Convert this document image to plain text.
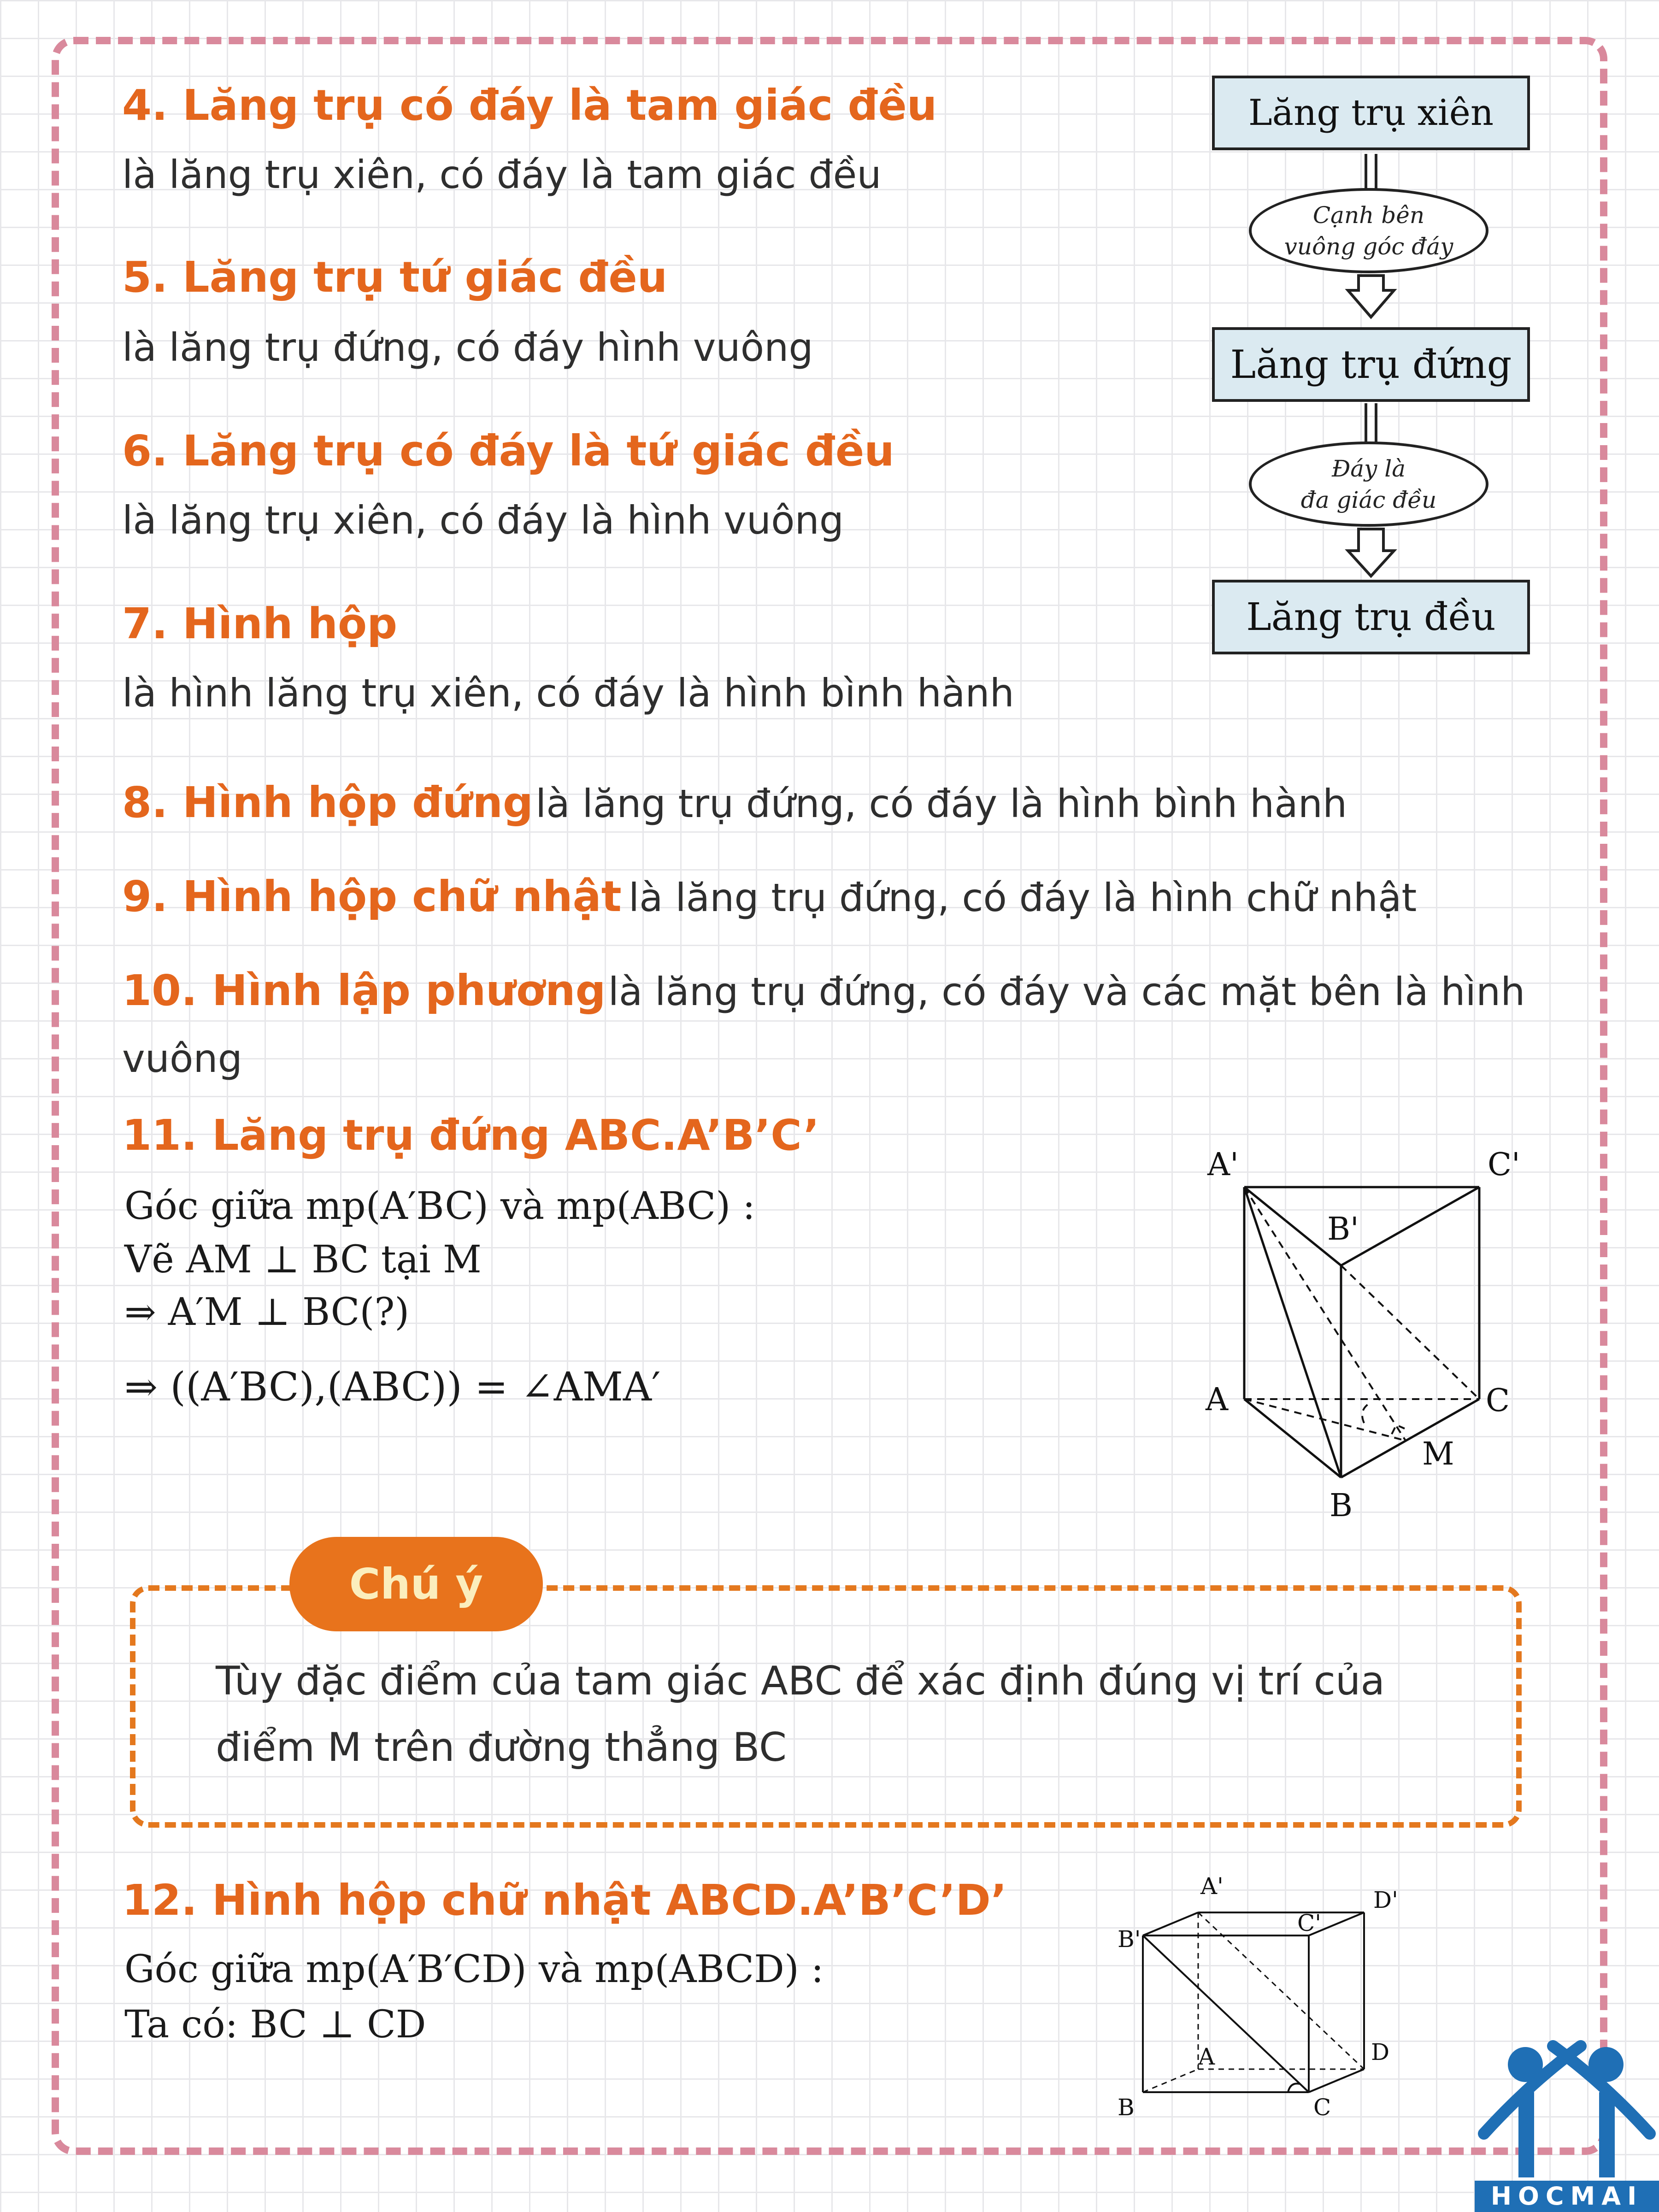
4. Lăng trụ có đáy là tam giác đều
là lăng trụ xiên, có đáy là tam giác đều
5. Lăng trụ tứ giác đều
là lăng trụ đứng, có đáy hình vuông
6. Lăng trụ có đáy là tứ giác đều
là lăng trụ xiên, có đáy là hình vuông
7. Hình hộp
là hình lăng trụ xiên, có đáy là hình bình hành
Lăng trụ xiên
Cạnh bên
vuông góc đáy
Lăng trụ đứng
Đáy là
đa giác đều
Lăng trụ đều
8. Hình hộp đứng là lăng trụ đứng, có đáy là hình bình hành
9. Hình hộp chữ nhật là lăng trụ đứng, có đáy là hình chữ nhật
10. Hình lập phương là lăng trụ đứng, có đáy và các mặt bên là hình
vuông
11. Lăng trụ đứng ABC.A’B’C’
Góc giữa mp(A′BC) và mp(ABC) :
Vẽ AM ⊥ BC tại M
⇒ A′M ⊥ BC(?)
⇒ ((A′BC),(ABC)) = ∠AMA′
A'	C'
B'
A	C
M
B
Chú ý
Tùy đặc điểm của tam giác ABC để xác định đúng vị trí của
điểm M trên đường thẳng BC
12. Hình hộp chữ nhật ABCD.A’B’C’D’
Góc giữa mp(A′B′CD) và mp(ABCD) :
Ta có: BC ⊥ CD
A'
D'
B'
C'
A	D
B	C
HOCMAI
